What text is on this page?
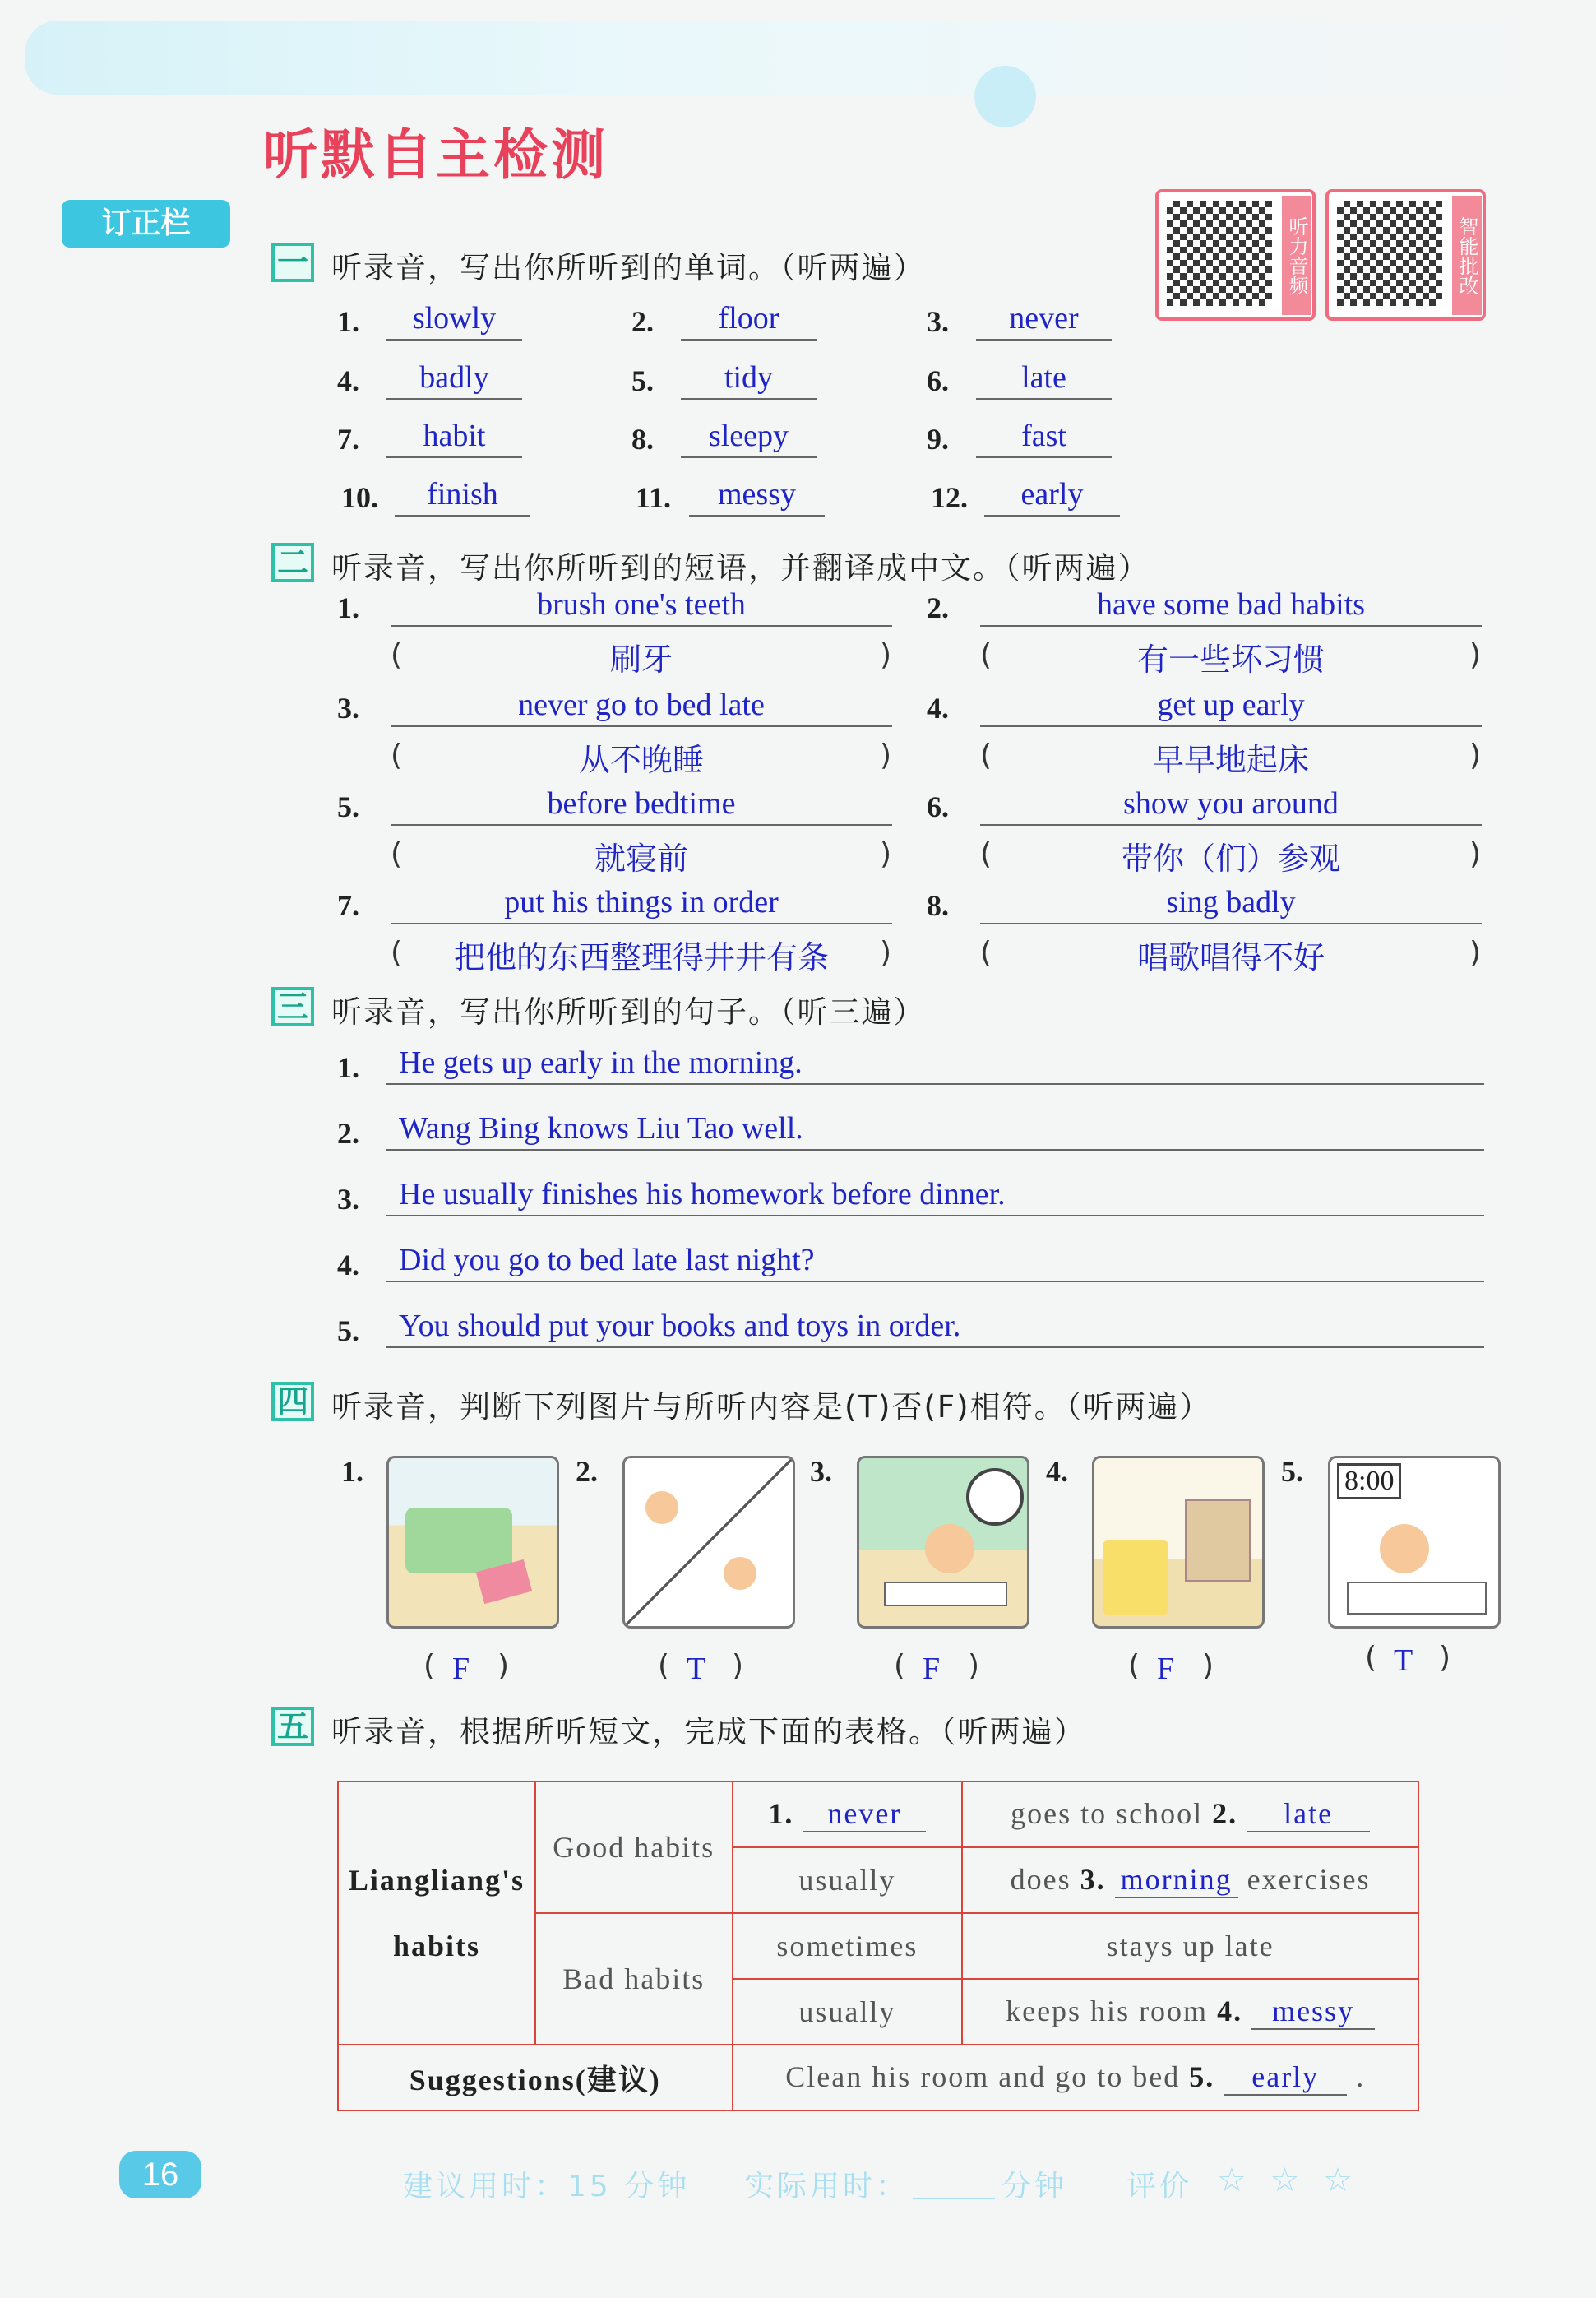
听默自主检测
订正栏	听力音频	智能批改
一 听录音，写出你所听到的单词。（听两遍）
二 听录音，写出你所听到的短语，并翻译成中文。（听两遍）
三 听录音，写出你所听到的句子。（听三遍）
四 听录音，判断下列图片与所听内容是(T)否(F)相符。（听两遍）
1.	2.	3.	4.	5. 8:00
五 听录音，根据所听短文，完成下面的表格。（听两遍）
Liangliang's
habits	Good habits	1. never	goes to school 2. late
		usually	does 3. morning exercises
	Bad habits	sometimes	stays up late
		usually	keeps his room 4. messy
Suggestions(建议)		Clean his room and go to bed 5. early .	
16	建议用时：15 分钟 实际用时：	分钟 评价 ☆ ☆ ☆
1.	slowly	2.	floor	3.	never
4.	badly	5.	tidy	6.	late
7.	habit	8.	sleepy	9.	fast
10.	finish	11.	messy	12.	early
1.	brush one's teeth
(	刷牙	)
2.	have some bad habits
(	有一些坏习惯	)
3.	never go to bed late
(	从不晚睡	)
4.	get up early
(	早早地起床	)
5.	before bedtime
(	就寝前	)
6.	show you around
(	带你（们）参观	)
7.	put his things in order
(	把他的东西整理得井井有条	)
8.	sing badly
(	唱歌唱得不好	)
1.	He gets up early in the morning.
2.	Wang Bing knows Liu Tao well.
3.	He usually finishes his homework before dinner.
4.	Did you go to bed late last night?
5.	You should put your books and toys in order.
( F )	( T )	( F )	( F )	( T )
